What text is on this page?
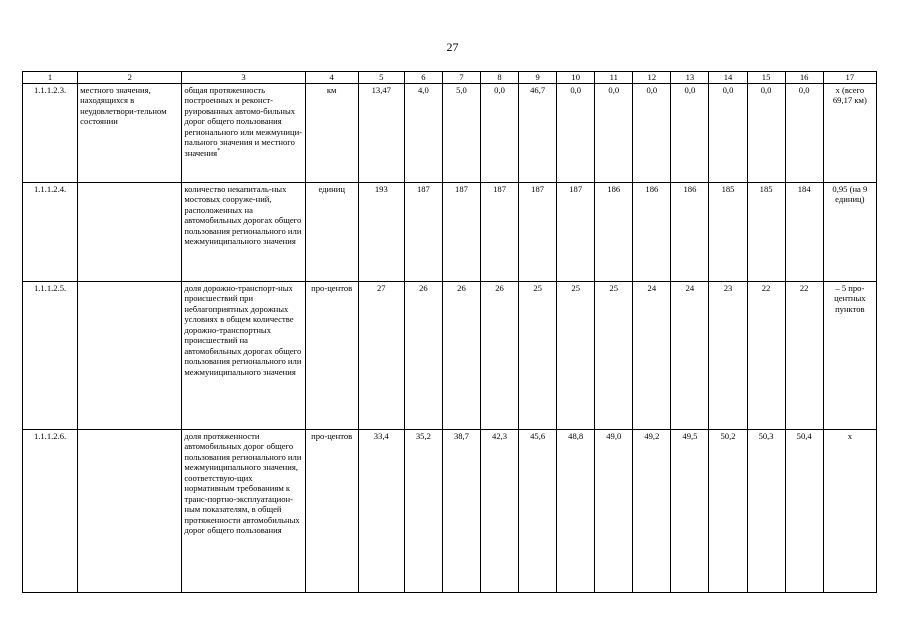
27
1	2	3	4	5	6	7	8	9	10	11	12	13	14	15	16	17
1.1.1.2.3.	местного значения, находящихся в неудовлетвори-тельном состоянии	общая протяженность построенных и реконст-руированных автомо-бильных дорог общего пользования регионального или межмуници-пального значения и местного значения*	км	13,47	4,0	5,0	0,0	46,7	0,0	0,0	0,0	0,0	0,0	0,0	0,0	х (всего 69,17 км)
1.1.1.2.4.		количество некапиталь-ных мостовых сооруже-ний, расположенных на автомобильных дорогах общего пользования регионального или межмуниципального значения	единиц	193	187	187	187	187	187	186	186	186	185	185	184	0,95 (на 9 единиц)
1.1.1.2.5.		доля дорожно-транспорт-ных происшествий при неблагоприятных дорожных условиях в общем количестве дорожно-транспортных происшествий на автомобильных дорогах общего пользования регионального или межмуниципального значения	про-центов	27	26	26	26	25	25	25	24	24	23	22	22	– 5 про-центных пунктов
1.1.1.2.6.		доля протяженности автомобильных дорог общего пользования регионального или межмуниципального значения, соответствую-щих нормативным требованиям к транс-портно-эксплуатацион-ным показателям, в общей протяженности автомобильных дорог общего пользования	про-центов	33,4	35,2	38,7	42,3	45,6	48,8	49,0	49,2	49,5	50,2	50,3	50,4	х
